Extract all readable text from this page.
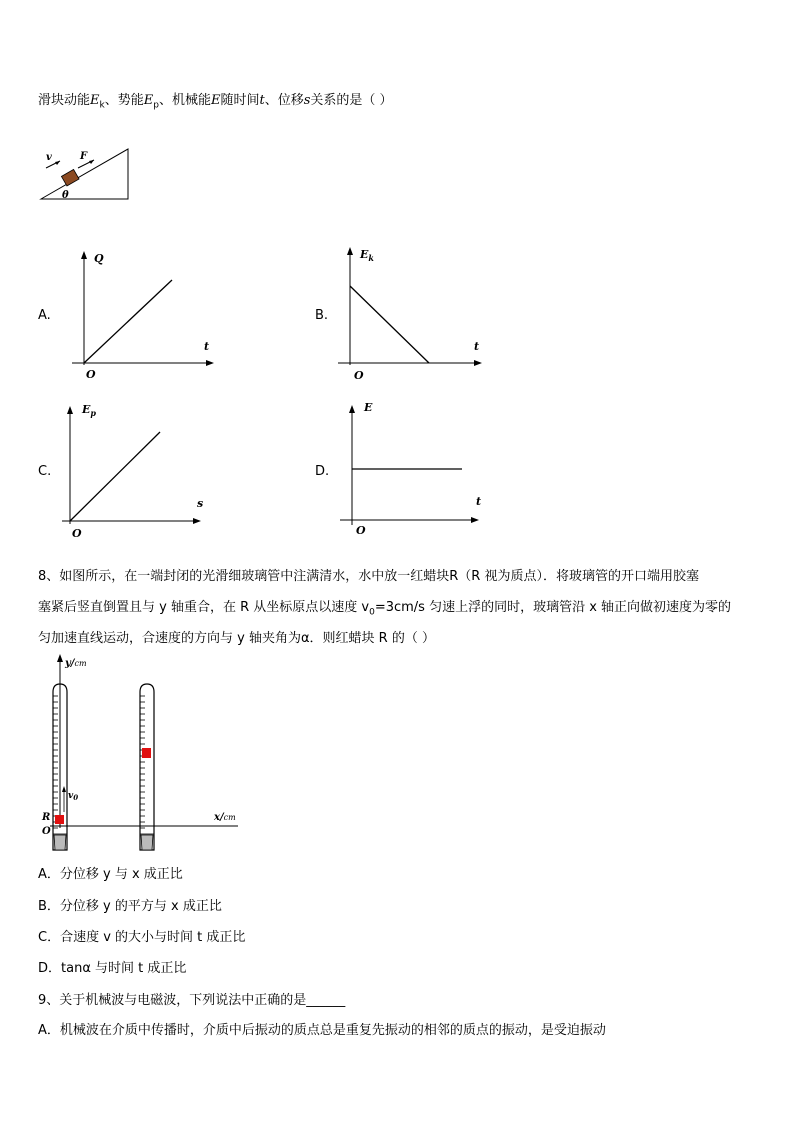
滑块动能$E_k$、势能$E_p$、机械能E随时间t、位移s关系的是（ ）
v	F
θ
A.
Q
t
O
B.
$E_k$
t
O
C.
$E_p$
s
O
D.
E
t
O
8、如图所示，在一端封闭的光滑细玻璃管中注满清水，水中放一红蜡块R（R 视为质点）．将玻璃管的开口端用胶塞
塞紧后竖直倒置且与 y 轴重合，在 R 从坐标原点以速度 $v_0=3cm/s$ 匀速上浮的同时，玻璃管沿 x 轴正向做初速度为零的
匀加速直线运动，合速度的方向与 y 轴夹角为α．则红蜡块 R 的（ ）
y/cm
x/cm
$v_0$
R
O
A．分位移 y 与 x 成正比
B．分位移 y 的平方与 x 成正比
C．合速度 v 的大小与时间 t 成正比
D．tanα 与时间 t 成正比
9、关于机械波与电磁波，下列说法中正确的是______
A．机械波在介质中传播时，介质中后振动的质点总是重复先振动的相邻的质点的振动，是受迫振动
